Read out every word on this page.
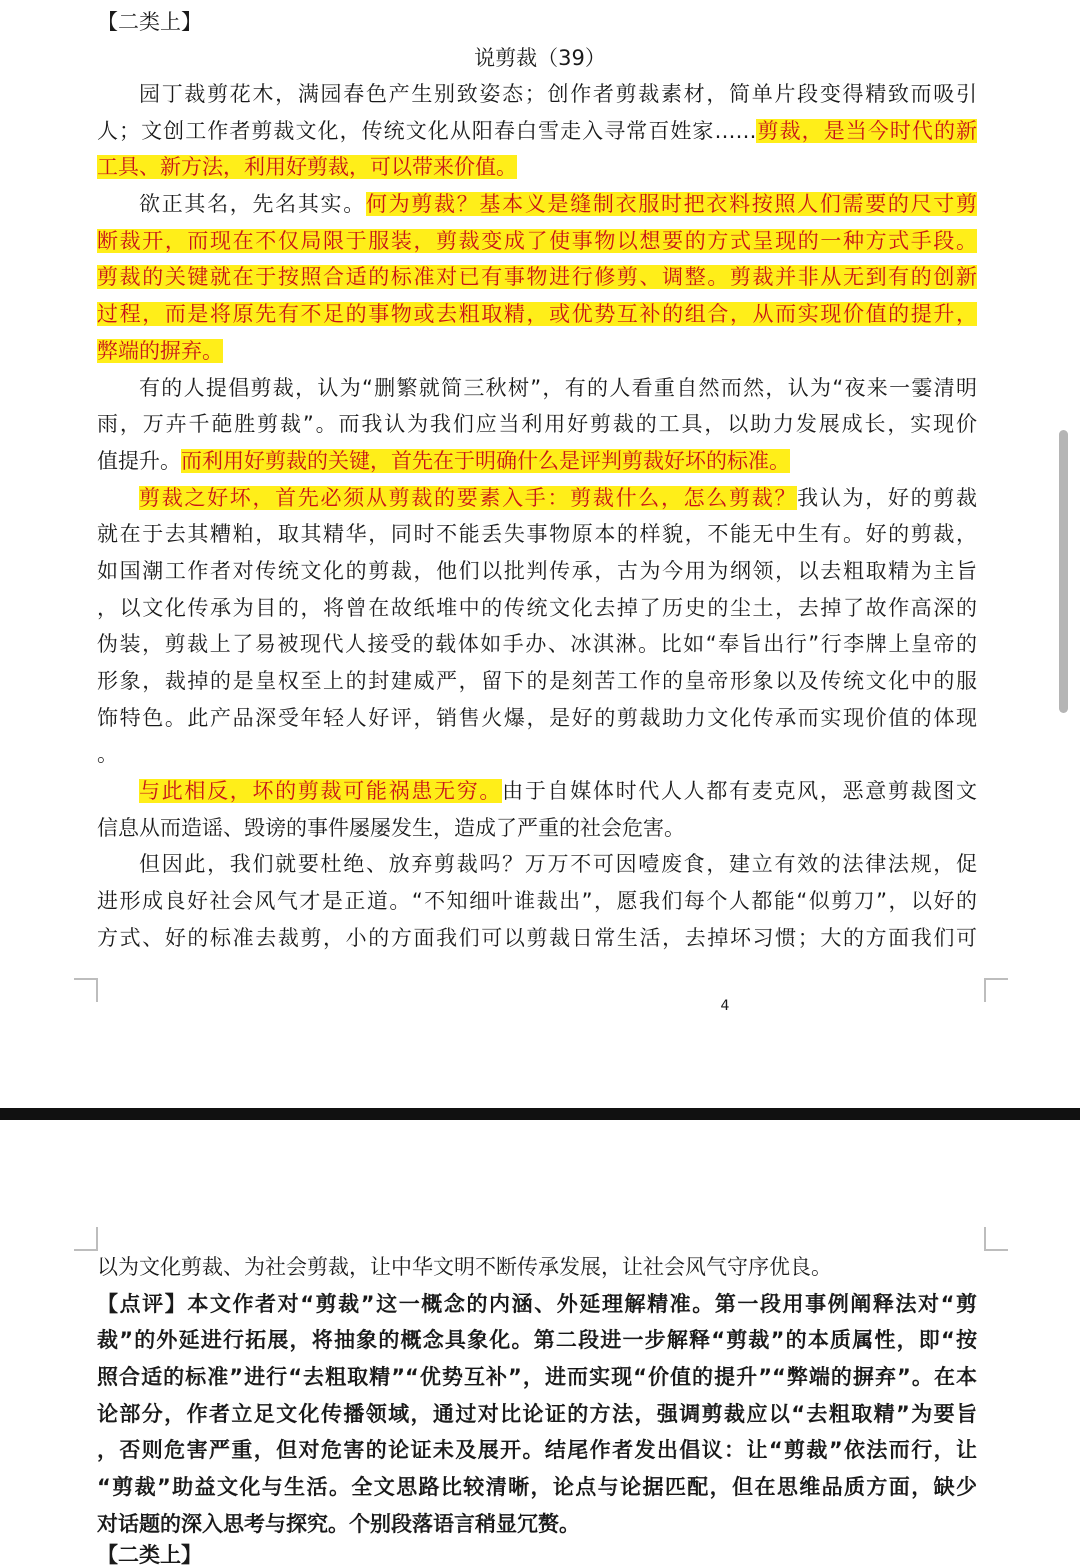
【二类上】
说剪裁（39）
园丁裁剪花木，满园春色产生别致姿态；创作者剪裁素材，简单片段变得精致而吸引
人；文创工作者剪裁文化，传统文化从阳春白雪走入寻常百姓家……剪裁，是当今时代的新
工具、新方法，利用好剪裁，可以带来价值。
欲正其名，先名其实。何为剪裁？基本义是缝制衣服时把衣料按照人们需要的尺寸剪
断裁开，而现在不仅局限于服装，剪裁变成了使事物以想要的方式呈现的一种方式手段。
剪裁的关键就在于按照合适的标准对已有事物进行修剪、调整。剪裁并非从无到有的创新
过程，而是将原先有不足的事物或去粗取精，或优势互补的组合，从而实现价值的提升，
弊端的摒弃。
有的人提倡剪裁，认为“删繁就简三秋树”，有的人看重自然而然，认为“夜来一霎清明
雨，万卉千葩胜剪裁”。而我认为我们应当利用好剪裁的工具，以助力发展成长，实现价
值提升。而利用好剪裁的关键，首先在于明确什么是评判剪裁好坏的标准。
剪裁之好坏，首先必须从剪裁的要素入手：剪裁什么，怎么剪裁？我认为，好的剪裁
就在于去其糟粕，取其精华，同时不能丢失事物原本的样貌，不能无中生有。好的剪裁，
如国潮工作者对传统文化的剪裁，他们以批判传承，古为今用为纲领，以去粗取精为主旨
，以文化传承为目的，将曾在故纸堆中的传统文化去掉了历史的尘土，去掉了故作高深的
伪装，剪裁上了易被现代人接受的载体如手办、冰淇淋。比如“奉旨出行”行李牌上皇帝的
形象，裁掉的是皇权至上的封建威严，留下的是刻苦工作的皇帝形象以及传统文化中的服
饰特色。此产品深受年轻人好评，销售火爆，是好的剪裁助力文化传承而实现价值的体现
。
与此相反，坏的剪裁可能祸患无穷。由于自媒体时代人人都有麦克风，恶意剪裁图文
信息从而造谣、毁谤的事件屡屡发生，造成了严重的社会危害。
但因此，我们就要杜绝、放弃剪裁吗？万万不可因噎废食，建立有效的法律法规，促
进形成良好社会风气才是正道。“不知细叶谁裁出”，愿我们每个人都能“似剪刀”，以好的
方式、好的标准去裁剪，小的方面我们可以剪裁日常生活，去掉坏习惯；大的方面我们可
4
以为文化剪裁、为社会剪裁，让中华文明不断传承发展，让社会风气守序优良。
【点评】本文作者对“剪裁”这一概念的内涵、外延理解精准。第一段用事例阐释法对“剪
裁”的外延进行拓展，将抽象的概念具象化。第二段进一步解释“剪裁”的本质属性，即“按
照合适的标准”进行“去粗取精”“优势互补”，进而实现“价值的提升”“弊端的摒弃”。在本
论部分，作者立足文化传播领域，通过对比论证的方法，强调剪裁应以“去粗取精”为要旨
，否则危害严重，但对危害的论证未及展开。结尾作者发出倡议：让“剪裁”依法而行，让
“剪裁”助益文化与生活。全文思路比较清晰，论点与论据匹配，但在思维品质方面，缺少
对话题的深入思考与探究。个别段落语言稍显冗赘。
【二类上】
